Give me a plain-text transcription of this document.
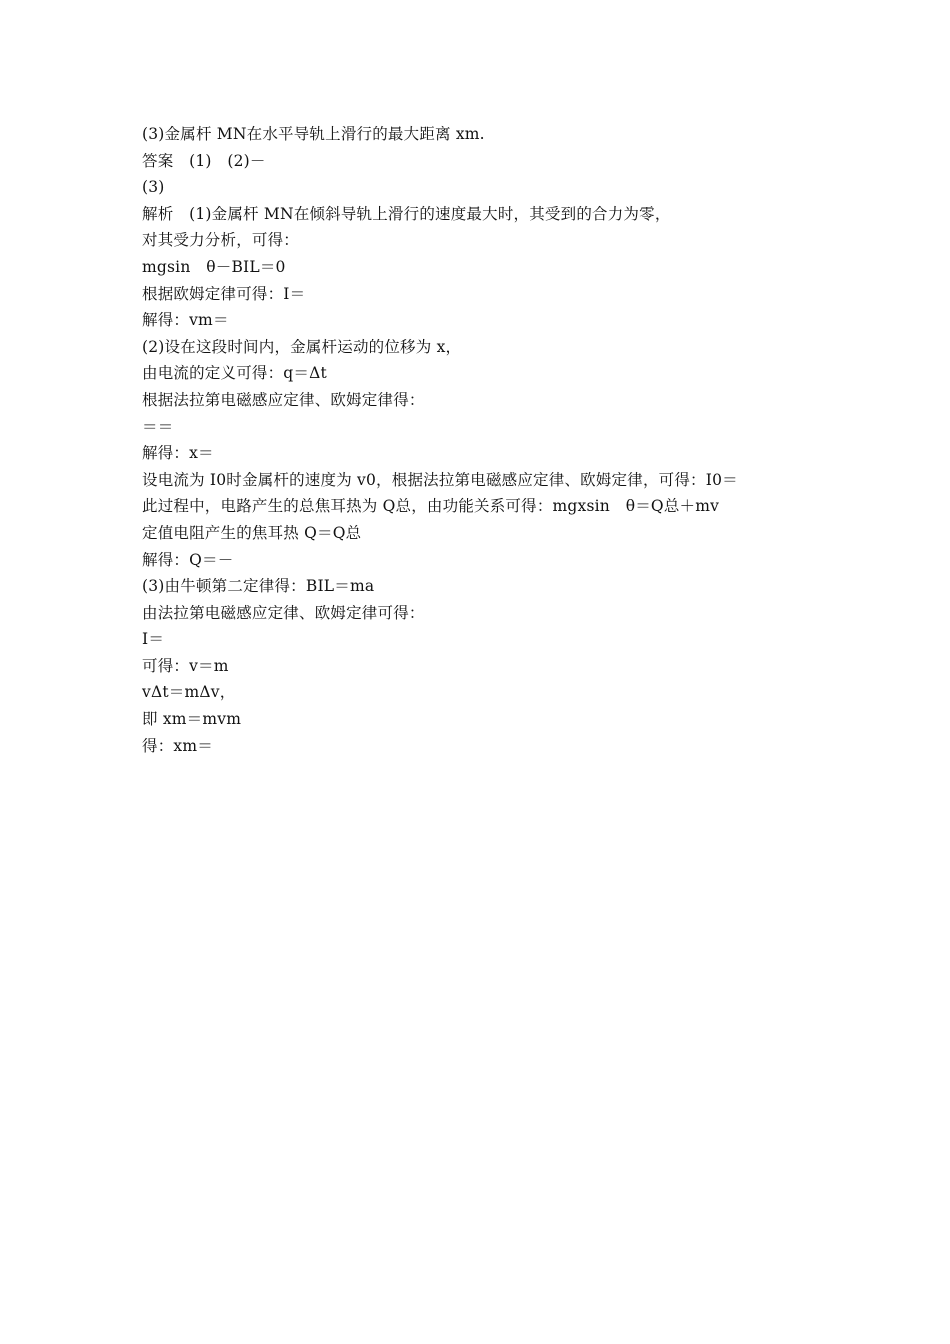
(3)金属杆 MN在水平导轨上滑行的最大距离 xm.
答案　(1)　(2)－
(3)
解析　(1)金属杆 MN在倾斜导轨上滑行的速度最大时，其受到的合力为零，
对其受力分析，可得：
mgsin　θ－BIL＝0
根据欧姆定律可得：I＝
解得：vm＝
(2)设在这段时间内，金属杆运动的位移为 x，
由电流的定义可得：q＝Δt
根据法拉第电磁感应定律、欧姆定律得：
＝＝
解得：x＝
设电流为 I0时金属杆的速度为 v0，根据法拉第电磁感应定律、欧姆定律，可得：I0＝
此过程中，电路产生的总焦耳热为 Q总，由功能关系可得：mgxsin　θ＝Q总＋mv
定值电阻产生的焦耳热 Q＝Q总
解得：Q＝－
(3)由牛顿第二定律得：BIL＝ma
由法拉第电磁感应定律、欧姆定律可得：
I＝
可得：v＝m
vΔt＝mΔv，
即 xm＝mvm
得：xm＝
